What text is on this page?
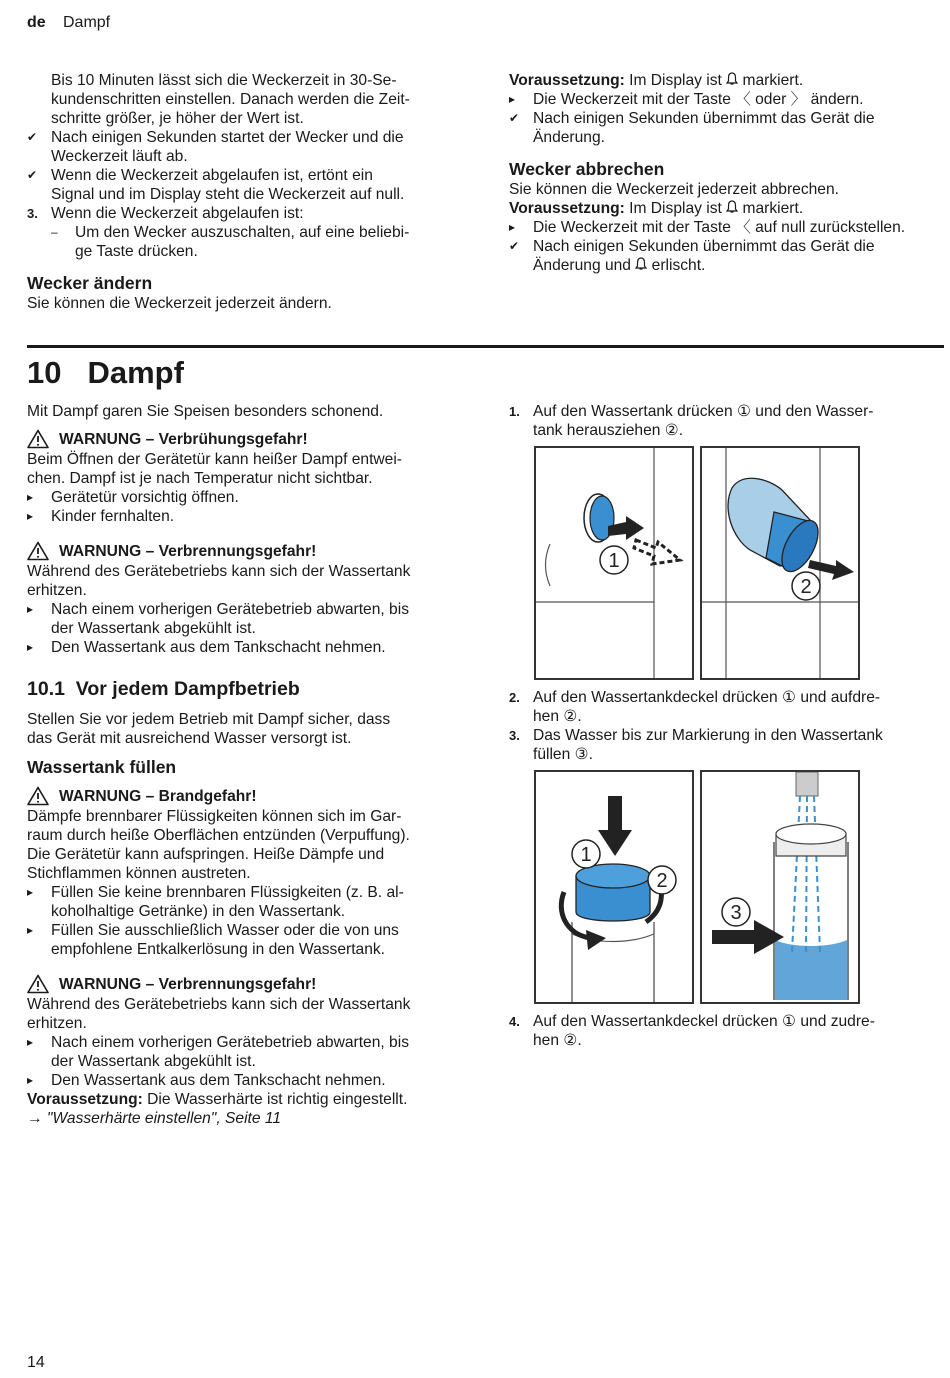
de Dampf
Bis 10 Minuten lässt sich die Weckerzeit in 30-Se-
kundenschritten einstellen. Danach werden die Zeit-
schritte größer, je höher der Wert ist.
✔ Nach einigen Sekunden startet der Wecker und die
Weckerzeit läuft ab.
✔ Wenn die Weckerzeit abgelaufen ist, ertönt ein
Signal und im Display steht die Weckerzeit auf null.
3. Wenn die Weckerzeit abgelaufen ist:
–	Um den Wecker auszuschalten, auf eine beliebi-
ge Taste drücken.
Wecker ändern

Sie können die Weckerzeit jederzeit ändern.

Voraussetzung: Im Display ist  markiert.

▸	Die Weckerzeit mit der Taste 〈 oder 〉 ändern.
✔ Nach einigen Sekunden übernimmt das Gerät die
Änderung.
Wecker abbrechen

Sie können die Weckerzeit jederzeit abbrechen.

Voraussetzung: Im Display ist  markiert.

▸	Die Weckerzeit mit der Taste 〈 auf null zurückstellen.
✔ Nach einigen Sekunden übernimmt das Gerät die
Änderung und  erlischt.
10 Dampf

Mit Dampf garen Sie Speisen besonders schonend.

WARNUNG – Verbrühungsgefahr!
Beim Öffnen der Gerätetür kann heißer Dampf entwei-
chen. Dampf ist je nach Temperatur nicht sichtbar.
▸	Gerätetür vorsichtig öffnen.
▸	Kinder fernhalten.
WARNUNG – Verbrennungsgefahr!
Während des Gerätebetriebs kann sich der Wassertank
erhitzen.
▸	Nach einem vorherigen Gerätebetrieb abwarten, bis
der Wassertank abgekühlt ist.
▸	Den Wassertank aus dem Tankschacht nehmen.
10.1 Vor jedem Dampfbetrieb
Stellen Sie vor jedem Betrieb mit Dampf sicher, dass
das Gerät mit ausreichend Wasser versorgt ist.
Wassertank füllen
WARNUNG – Brandgefahr!
Dämpfe brennbarer Flüssigkeiten können sich im Gar-
raum durch heiße Oberflächen entzünden (Verpuffung).
Die Gerätetür kann aufspringen. Heiße Dämpfe und
Stichflammen können austreten.
▸	Füllen Sie keine brennbaren Flüssigkeiten (z. B. al-
koholhaltige Getränke) in den Wassertank.
▸	Füllen Sie ausschließlich Wasser oder die von uns
empfohlene Entkalkerlösung in den Wassertank.
WARNUNG – Verbrennungsgefahr!
Während des Gerätebetriebs kann sich der Wassertank
erhitzen.
▸	Nach einem vorherigen Gerätebetrieb abwarten, bis
der Wassertank abgekühlt ist.
▸	Den Wassertank aus dem Tankschacht nehmen.

Voraussetzung: Die Wasserhärte ist richtig eingestellt.

→ "Wasserhärte einstellen", Seite 11

1. Auf den Wassertank drücken ① und den Wasser-
tank herausziehen ②.
1
2
2. Auf den Wassertankdeckel drücken ① und aufdre-
hen ②.
3. Das Wasser bis zur Markierung in den Wassertank
füllen ③.
1
2
3
4. Auf den Wassertankdeckel drücken ① und zudre-
hen ②.
14
